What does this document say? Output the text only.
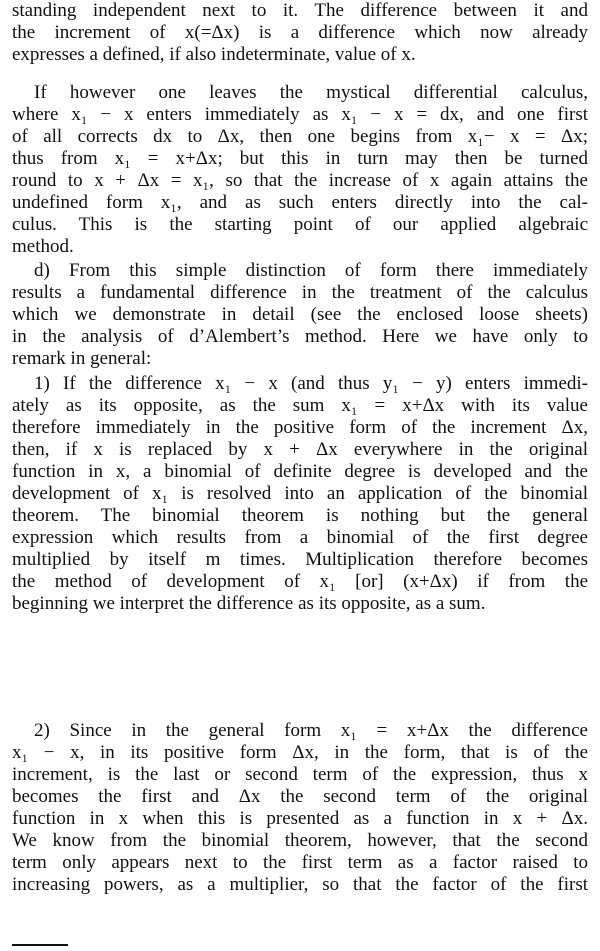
standing independent next to it. The difference between it and
the increment of x(=Δx) is a difference which now already
expresses a defined, if also indeterminate, value of x.
If however one leaves the mystical differential calculus,
where x₁ − x enters immediately as x₁ − x = dx, and one first
of all corrects dx to Δx, then one begins from x₁− x = Δx;
thus from x₁ = x+Δx; but this in turn may then be turned
round to x + Δx = x₁, so that the increase of x again attains the
undefined form x₁, and as such enters directly into the cal-
culus. This is the starting point of our applied algebraic
method.
d) From this simple distinction of form there immediately
results a fundamental difference in the treatment of the calculus
which we demonstrate in detail (see the enclosed loose sheets)
in the analysis of d’Alembert’s method. Here we have only to
remark in general:
1) If the difference x₁ − x (and thus y₁ − y) enters immedi-
ately as its opposite, as the sum x₁ = x+Δx with its value
therefore immediately in the positive form of the increment Δx,
then, if x is replaced by x + Δx everywhere in the original
function in x, a binomial of definite degree is developed and the
development of x₁ is resolved into an application of the binomial
theorem. The binomial theorem is nothing but the general
expression which results from a binomial of the first degree
multiplied by itself m times. Multiplication therefore becomes
the method of development of x₁ [or] (x+Δx) if from the
beginning we interpret the difference as its opposite, as a sum.
2) Since in the general form x₁ = x+Δx the difference
x₁ − x, in its positive form Δx, in the form, that is of the
increment, is the last or second term of the expression, thus x
becomes the first and Δx the second term of the original
function in x when this is presented as a function in x + Δx.
We know from the binomial theorem, however, that the second
term only appears next to the first term as a factor raised to
increasing powers, as a multiplier, so that the factor of the first
